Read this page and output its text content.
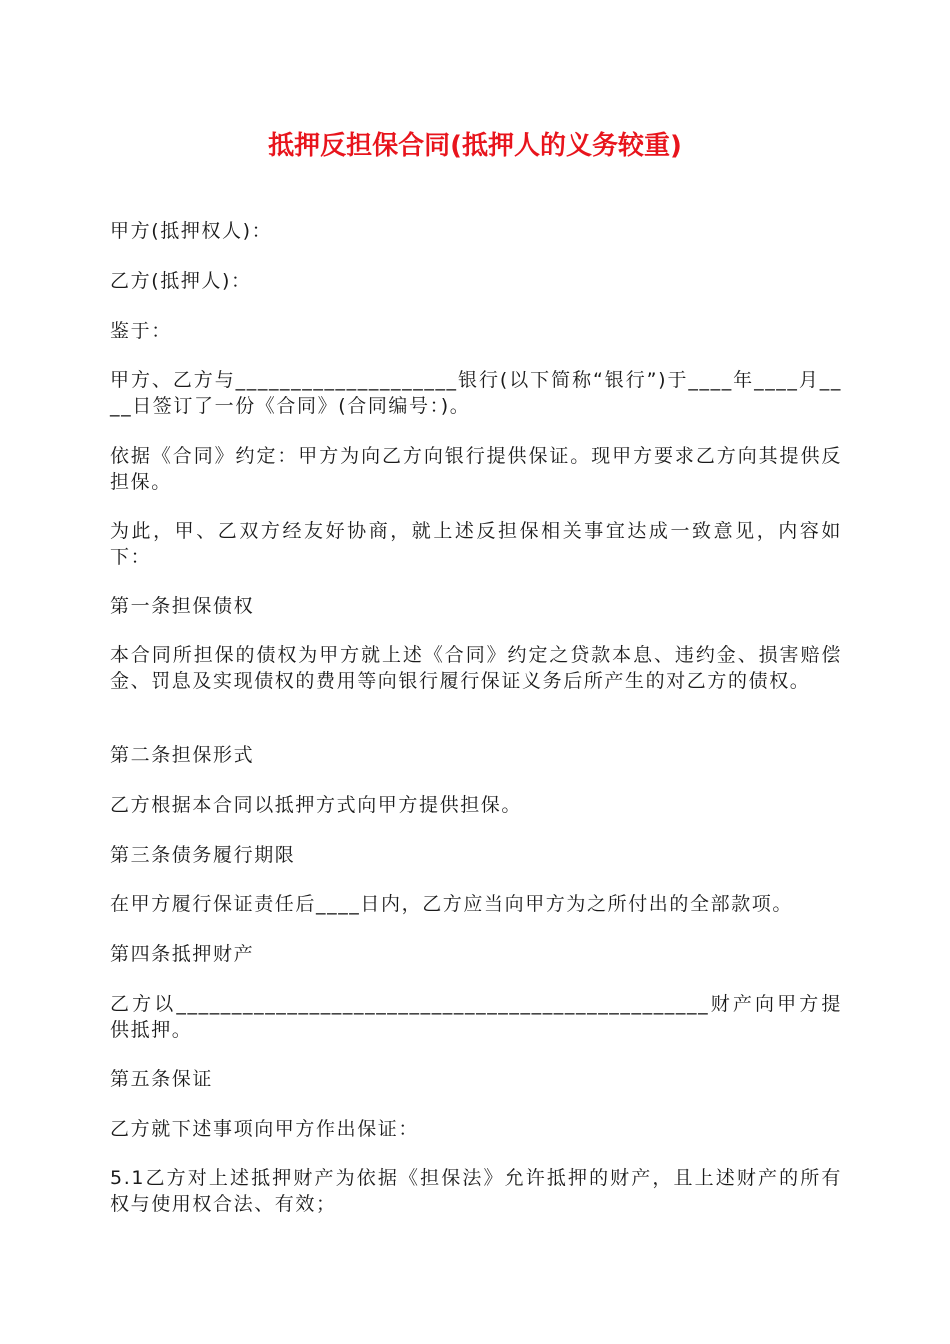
抵押反担保合同(抵押人的义务较重)

甲方(抵押权人)：

乙方(抵押人)：

鉴于：

甲方、乙方与____________________银行(以下简称“银行”)于____年____月____日签订了一份《合同》(合同编号：)。

依据《合同》约定：甲方为向乙方向银行提供保证。现甲方要求乙方向其提供反担保。

为此，甲、乙双方经友好协商，就上述反担保相关事宜达成一致意见，内容如下：

第一条担保债权

本合同所担保的债权为甲方就上述《合同》约定之贷款本息、违约金、损害赔偿金、罚息及实现债权的费用等向银行履行保证义务后所产生的对乙方的债权。

第二条担保形式

乙方根据本合同以抵押方式向甲方提供担保。

第三条债务履行期限

在甲方履行保证责任后____日内，乙方应当向甲方为之所付出的全部款项。

第四条抵押财产

乙方以________________________________________________财产向甲方提供抵押。

第五条保证

乙方就下述事项向甲方作出保证：

5.1乙方对上述抵押财产为依据《担保法》允许抵押的财产，且上述财产的所有权与使用权合法、有效；
